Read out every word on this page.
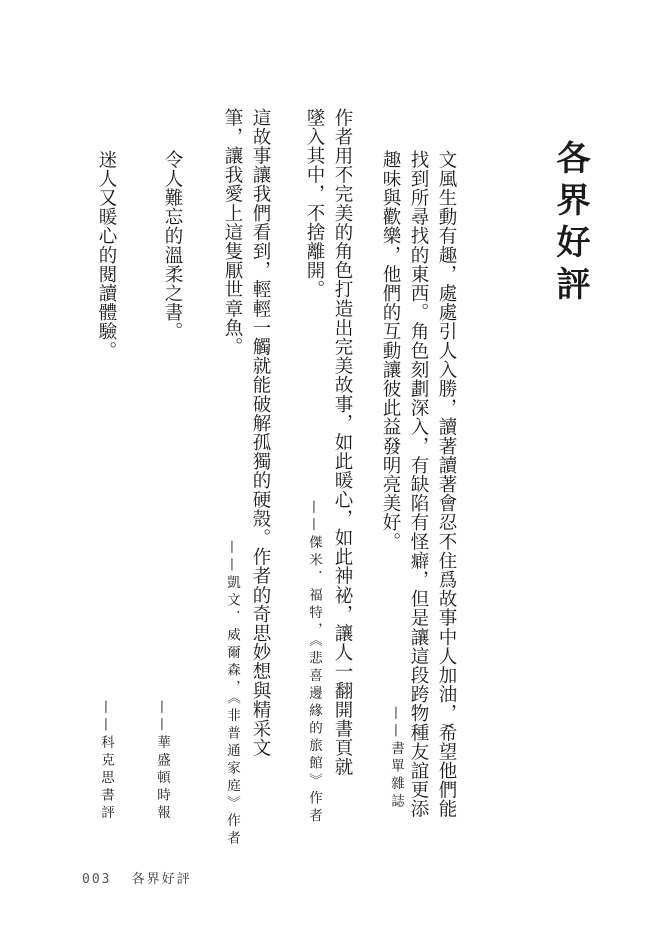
各界好評
文風生動有趣，處處引人入勝，讀著讀著會忍不住爲故事中人加油，希望他們能找到所尋找的東西。角色刻劃深入，有缺陷有怪癖，但是讓這段跨物種友誼更添趣味與歡樂，他們的互動讓彼此益發明亮美好。
——書單雜誌
作者用不完美的角色打造出完美故事，如此暖心，如此神祕，讓人一翻開書頁就墜入其中，不捨離開。
——傑米．福特，《悲喜邊緣的旅館》作者
這故事讓我們看到，輕輕一觸就能破解孤獨的硬殼。作者的奇思妙想與精采文筆，讓我愛上這隻厭世章魚。
——凱文．威爾森，《非普通家庭》作者
令人難忘的溫柔之書。
——華盛頓時報
迷人又暖心的閱讀體驗。
——科克思書評
003 各界好評
